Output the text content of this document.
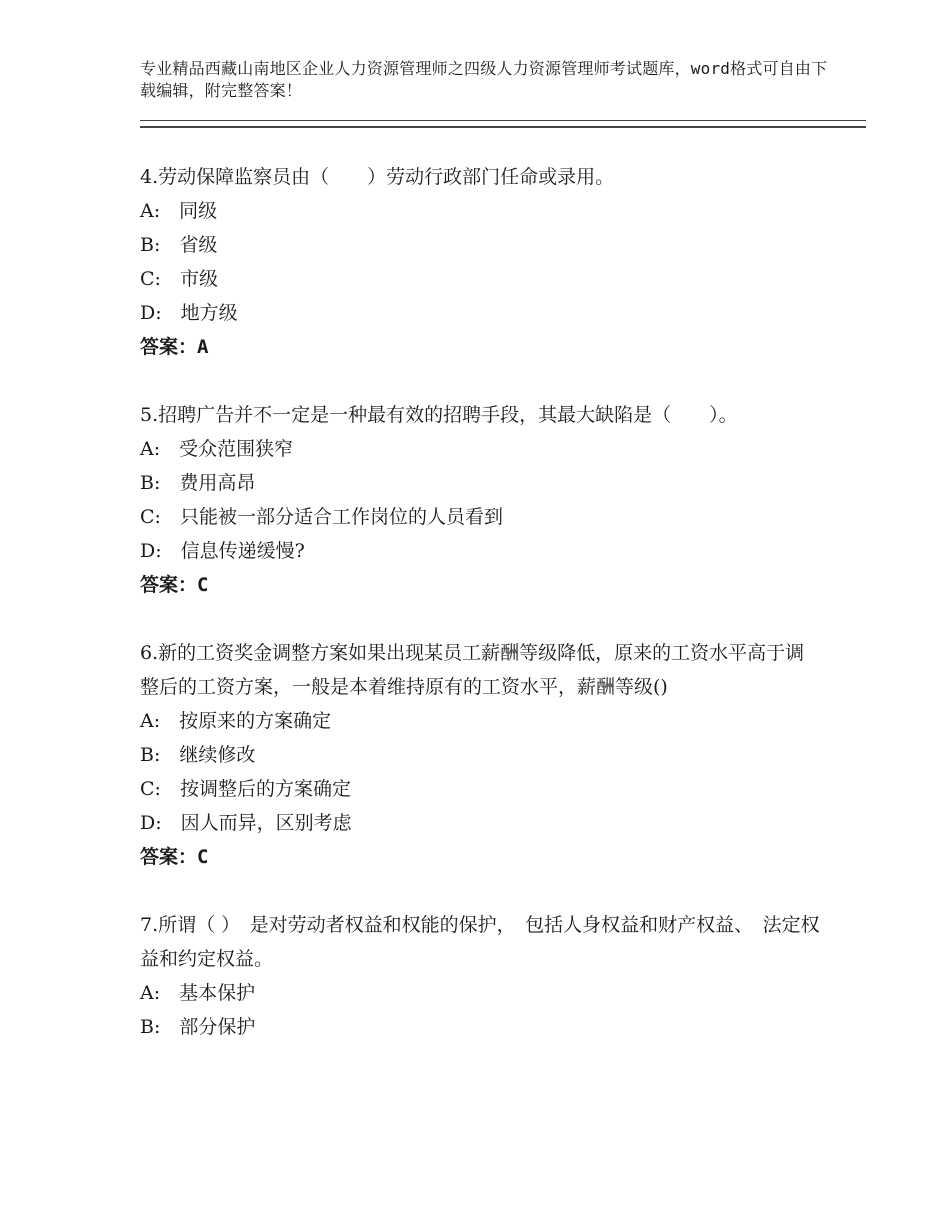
专业精品西藏山南地区企业人力资源管理师之四级人力资源管理师考试题库，word格式可自由下载编辑，附完整答案！

4.劳动保障监察员由（　　）劳动行政部门任命或录用。

A:　同级

B:　省级

C:　市级

D:　地方级

答案：A

5.招聘广告并不一定是一种最有效的招聘手段，其最大缺陷是（　　）。

A:　受众范围狭窄

B:　费用高昂

C:　只能被一部分适合工作岗位的人员看到

D:　信息传递缓慢?

答案：C

6.新的工资奖金调整方案如果出现某员工薪酬等级降低，原来的工资水平高于调整后的工资方案，一般是本着维持原有的工资水平，薪酬等级()

A:　按原来的方案确定

B:　继续修改

C:　按调整后的方案确定

D:　因人而异，区别考虑

答案：C

7.所谓（ ）　是对劳动者权益和权能的保护，　包括人身权益和财产权益、　法定权益和约定权益。

A:　基本保护

B:　部分保护
